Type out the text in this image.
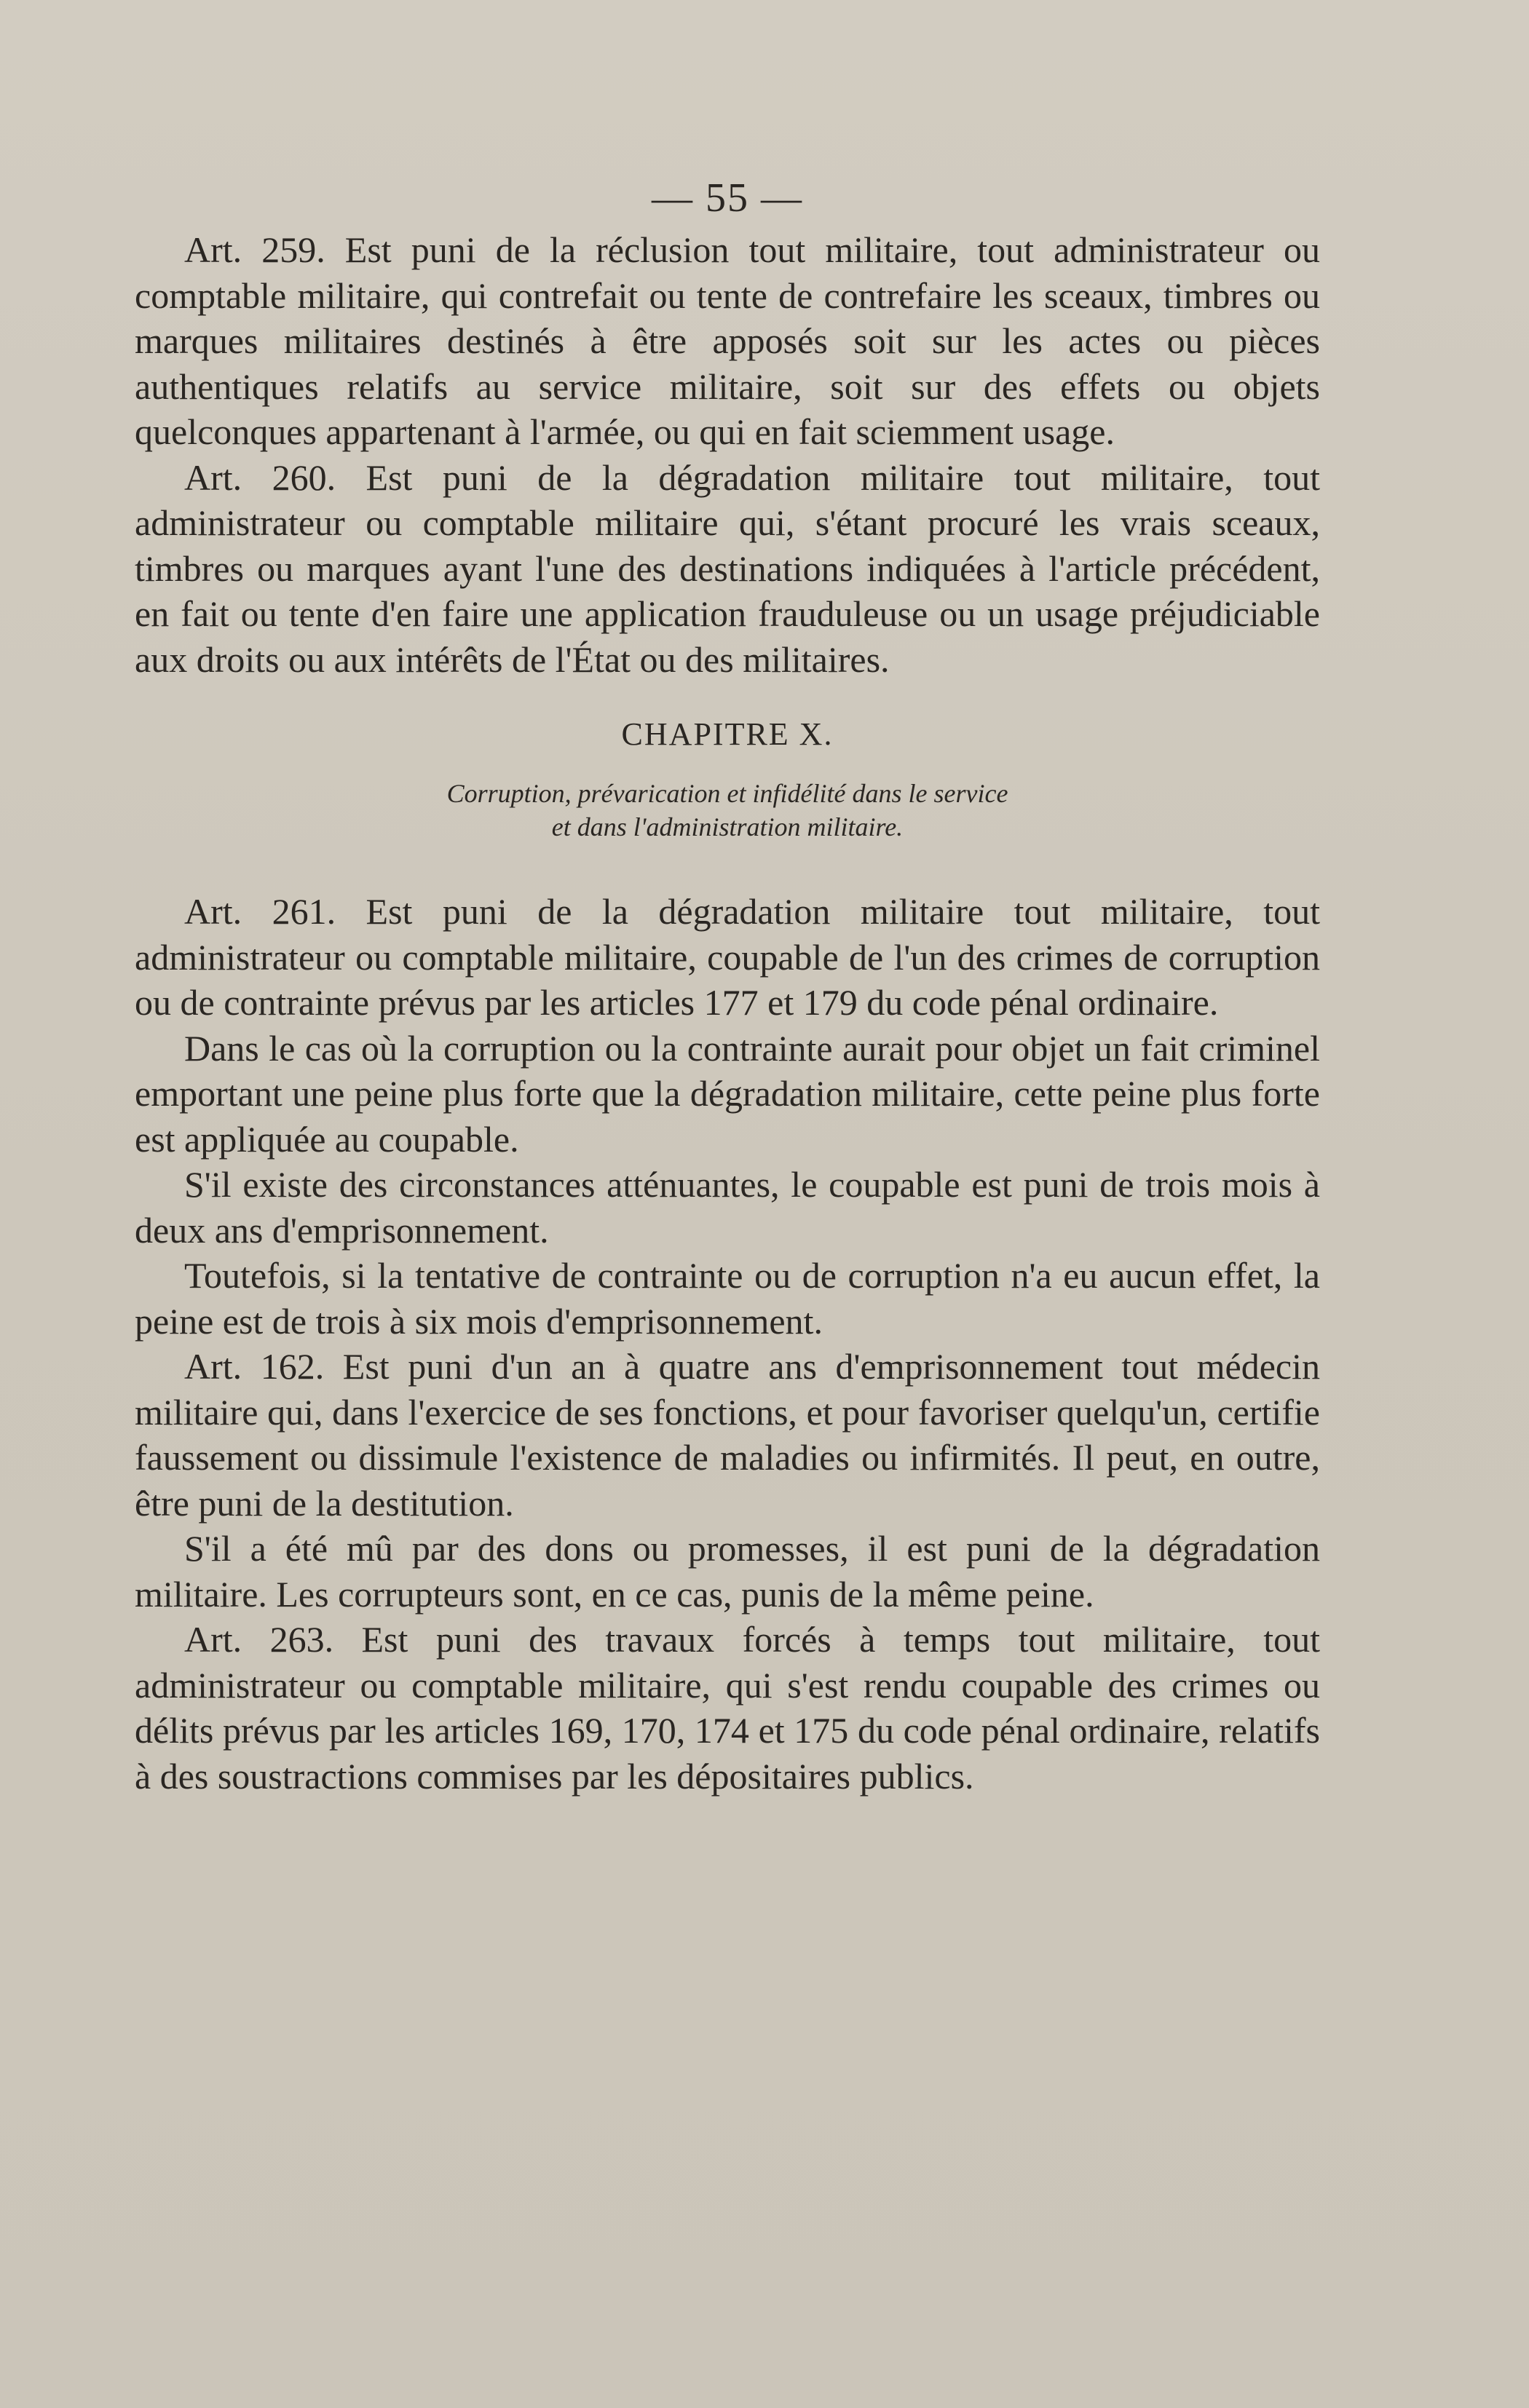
— 55 —

Art. 259. Est puni de la réclusion tout militaire, tout administrateur ou comptable militaire, qui contrefait ou tente de contrefaire les sceaux, timbres ou marques militaires destinés à être apposés soit sur les actes ou pièces authentiques relatifs au service militaire, soit sur des effets ou objets quelconques appartenant à l'armée, ou qui en fait sciemment usage.

Art. 260. Est puni de la dégradation militaire tout militaire, tout administrateur ou comptable militaire qui, s'étant procuré les vrais sceaux, timbres ou marques ayant l'une des destinations indiquées à l'article précédent, en fait ou tente d'en faire une application frauduleuse ou un usage préjudiciable aux droits ou aux intérêts de l'État ou des militaires.

CHAPITRE X.
Corruption, prévarication et infidélité dans le service
et dans l'administration militaire.

Art. 261. Est puni de la dégradation militaire tout militaire, tout administrateur ou comptable militaire, coupable de l'un des crimes de corruption ou de contrainte prévus par les articles 177 et 179 du code pénal ordinaire.

Dans le cas où la corruption ou la contrainte aurait pour objet un fait criminel emportant une peine plus forte que la dégradation militaire, cette peine plus forte est appliquée au coupable.

S'il existe des circonstances atténuantes, le coupable est puni de trois mois à deux ans d'emprisonnement.

Toutefois, si la tentative de contrainte ou de corruption n'a eu aucun effet, la peine est de trois à six mois d'emprisonnement.

Art. 162. Est puni d'un an à quatre ans d'emprisonnement tout médecin militaire qui, dans l'exercice de ses fonctions, et pour favoriser quelqu'un, certifie faussement ou dissimule l'existence de maladies ou infirmités. Il peut, en outre, être puni de la destitution.

S'il a été mû par des dons ou promesses, il est puni de la dégradation militaire. Les corrupteurs sont, en ce cas, punis de la même peine.

Art. 263. Est puni des travaux forcés à temps tout militaire, tout administrateur ou comptable militaire, qui s'est rendu coupable des crimes ou délits prévus par les articles 169, 170, 174 et 175 du code pénal ordinaire, relatifs à des soustractions commises par les dépositaires publics.
